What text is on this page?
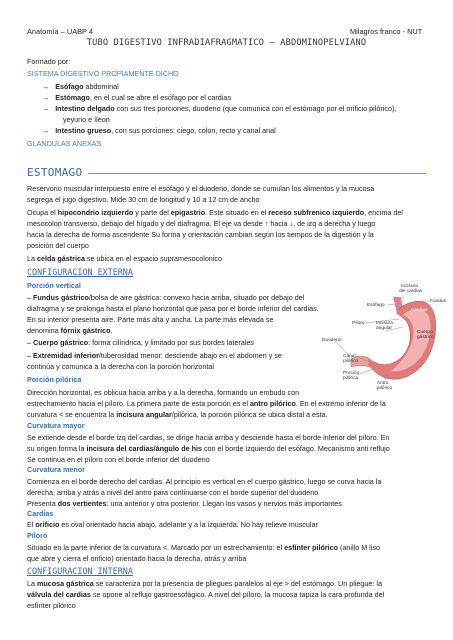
Anatomía – UABP 4	Milagros franco - NUT
TUBO DIGESTIVO INFRADIAFRAGMATICO – ABDOMINOPELVIANO
Formado por:
SISTEMA DIGESTIVO PROPIAMENTE DICHO
→   Esófago abdominal
→   Estómago, en el cual se abre el esófago por el cardias
→   Intestino delgado con sus tres porciones, duodeno (que comunica con el estómago por el orificio pilórico),
yeyuno e íleon
→   Intestino grueso, con sus porciones: ciego, colon, recto y canal anal
GLANDULAS ANEXAS
ESTOMAGO
Reservorio muscular interpuesto entre el esófago y el duodeno, donde se cumulan los alimentos y la mucosa
segrega el jugo digestivo. Mide 30 cm de longitud y 10 a 12 cm de ancho
Ocupa el hipocondrio izquierdo y parte del epigastrio. Este situado en el receso subfrenico izquierdo, encima del
mesocolon transverso, debajo del hígado y del diafragma. El eje va desde ↑ hacia ↓, de izq a derecha y luego
hacia la derecha de forma ascendente Su forma y orientación cambian según los tiempos de la digestión y la
posición del cuerpo
La celda gástrica se ubica en el espacio supramesocolonico
CONFIGURACION EXTERNA
Porción vertical
– Fundus gástrico/bolsa de aire gástrica: convexo hacia arriba, situado por debajo del
diafragma y se prolonga hasta el plano horizontal que pasa por el borde inferior del cardias.
En su interior presenta aire. Parte más alta y ancha. La parte más elevada se
denomina fórnix gástrico.
– Cuerpo gástrico: forma cilíndrica, y limitado por sus bordes laterales
– Extremidad inferior/tuberosidad menor: desciende abajo en el abdomen y se
continúa y comunica a la derecha con la porción horizontal
Porción pilórica
Dirección horizontal, es oblicua hacia arriba y a la derecha, formando un embudo con
estrechamiento hacia el píloro. La primera parte de esta porción es el antro pilórico. En el extremo inferior de la
curvatura < se encuentra la incisura angular/pilórica, la porción pilórica se ubica distal a esta.
Curvatura mayor
Se extiende desde el borde izq del cardias, se dirige hacia arriba y desciende hasta el borde inferior del píloro. En
su origen forma la incisura del cardias/ángulo de his con el borde izquierdo del esófago. Mecanismo anti reflujo
Se continua en el píloro con el borde inferior del duodeno
Curvatura menor
Comienza en el borde derecho del cardias. Al principio es vertical en el cuerpo gástrico, luego se curva hacia la
derecha, arriba y atrás a nivel del antro para continuarse con el borde superior del duodeno
Presenta dos vertientes: una anterior y otra posterior. Llegan los vasos y nervios más importantes
Cardias
El orificio es oval orientado hacia abajo, adelante y a la izquierda. No hay relieve muscular
Píloro
Situado en la parte inferior de la curvatura <. Marcado por un estrechamiento: el esfínter pilórico (anillo M liso
que abre y cierra el orificio) orientado hacia la derecha, atrás y arriba
CONFIGURACION INTERNA
La mucosa gástrica se caracteriza por la presencia de pliegues paralelos al eje > del estómago. Un pliegue: la
válvula del cardias se opone al reflujo gastroesofágico. A nivel del píloro, la mucosa tapiza la cara profunda del
esfínter pilórico
Incisura
del cardias
Fundus
Esófago
Cardias
Píloro Incisura
angular
Cuerpo
gástrico
Duodeno
Canal
pilórico
Porción
pilórica
Antro
pilórico
